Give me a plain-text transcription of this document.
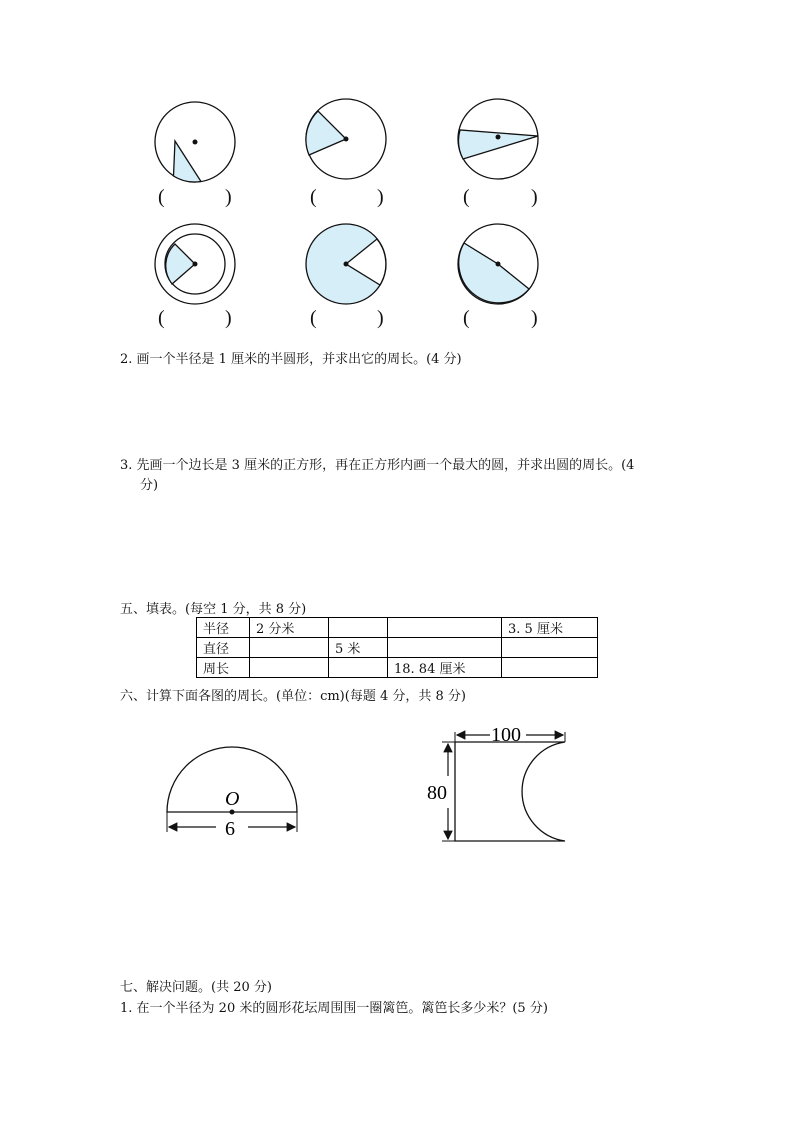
(	)	(	)	(	)
(	)	(	)	(	)
2. 画一个半径是 1 厘米的半圆形，并求出它的周长。(4 分)
3. 先画一个边长是 3 厘米的正方形，再在正方形内画一个最大的圆，并求出圆的周长。(4
分)
五、填表。(每空 1 分，共 8 分)
半径	2 分米			3. 5 厘米
直径		5 米		
周长			18. 84 厘米	
六、计算下面各图的周长。(单位：cm)(每题 4 分，共 8 分)
O
6
100
80
七、解决问题。(共 20 分)
1. 在一个半径为 20 米的圆形花坛周围围一圈篱笆。篱笆长多少米？(5 分)
